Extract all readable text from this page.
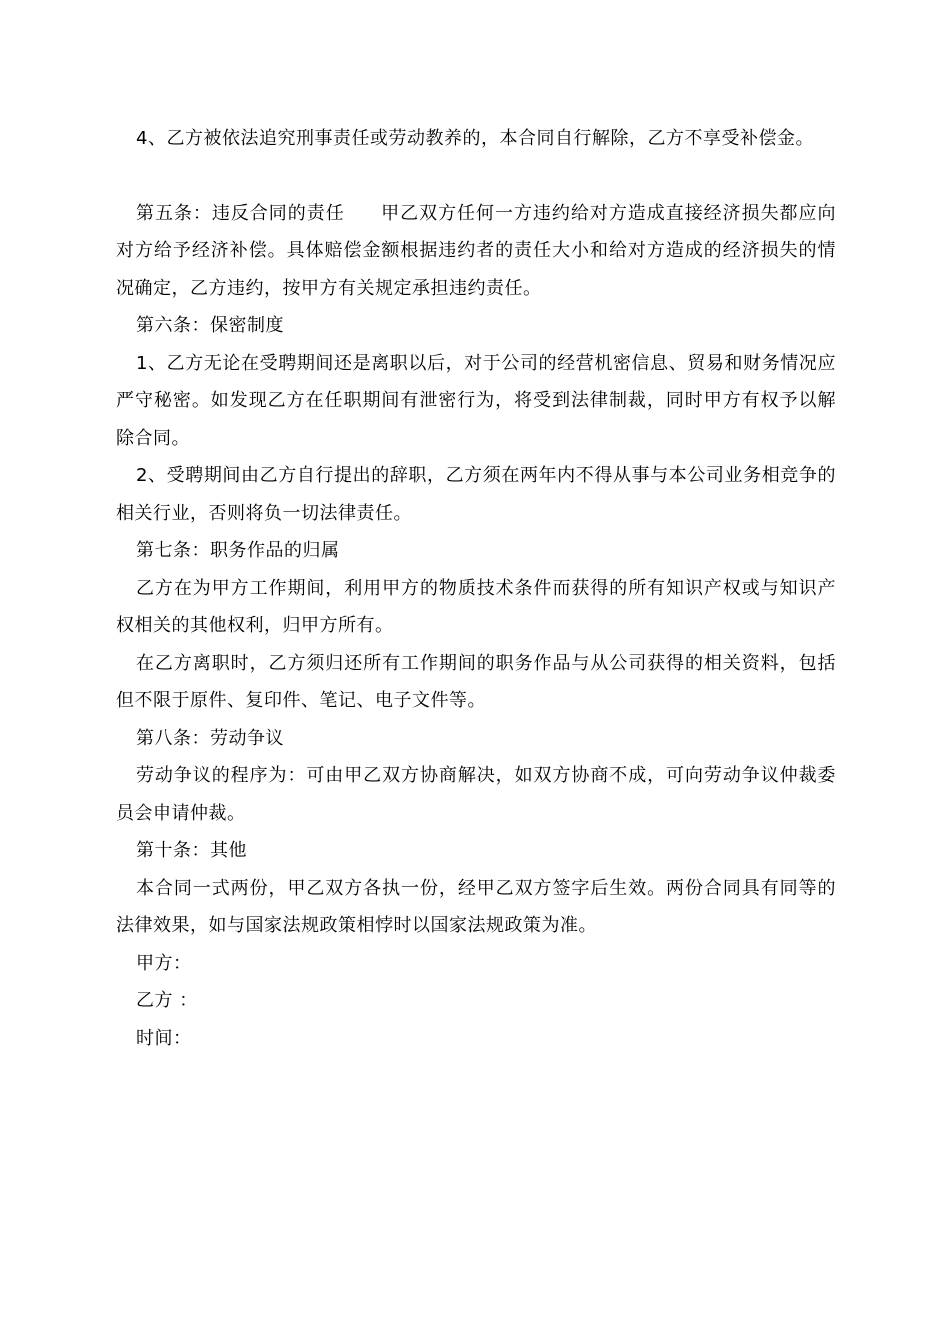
4、乙方被依法追究刑事责任或劳动教养的，本合同自行解除，乙方不享受补偿金。

第五条：违反合同的责任 甲乙双方任何一方违约给对方造成直接经济损失都应向对方给予经济补偿。具体赔偿金额根据违约者的责任大小和给对方造成的经济损失的情况确定，乙方违约，按甲方有关规定承担违约责任。

第六条：保密制度

1、乙方无论在受聘期间还是离职以后，对于公司的经营机密信息、贸易和财务情况应严守秘密。如发现乙方在任职期间有泄密行为，将受到法律制裁，同时甲方有权予以解除合同。

2、受聘期间由乙方自行提出的辞职，乙方须在两年内不得从事与本公司业务相竞争的相关行业，否则将负一切法律责任。

第七条：职务作品的归属

乙方在为甲方工作期间，利用甲方的物质技术条件而获得的所有知识产权或与知识产权相关的其他权利，归甲方所有。

在乙方离职时，乙方须归还所有工作期间的职务作品与从公司获得的相关资料，包括但不限于原件、复印件、笔记、电子文件等。

第八条：劳动争议

劳动争议的程序为：可由甲乙双方协商解决，如双方协商不成，可向劳动争议仲裁委员会申请仲裁。

第十条：其他

本合同一式两份，甲乙双方各执一份，经甲乙双方签字后生效。两份合同具有同等的法律效果，如与国家法规政策相悖时以国家法规政策为准。

甲方：

乙方 ：

时间：
